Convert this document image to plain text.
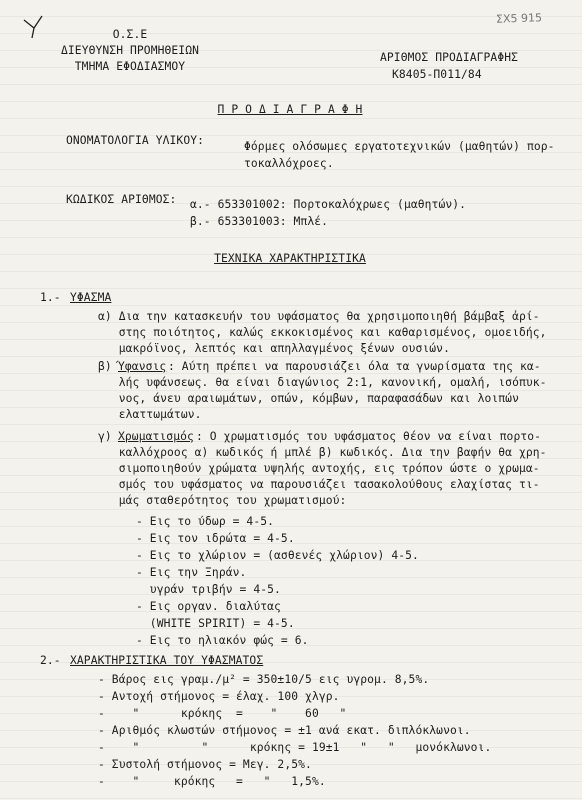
ΣΧ5 915
Ο.Σ.Ε
ΔΙΕΥΘΥΝΣΗ ΠΡΟΜΗΘΕΙΩΝ
ΤΜΗΜΑ ΕΦΟΔΙΑΣΜΟΥ
ΑΡΙΘΜΟΣ ΠΡΟΔΙΑΓΡΑΦΗΣ
Κ8405-Π011/84
Π Ρ Ο Δ Ι Α Γ Ρ Α Φ Η
ΟΝΟΜΑΤΟΛΟΓΙΑ ΥΛΙΚΟΥ:	Φόρμες ολόσωμες εργατοτεχνικών (μαθητών) πορ-
τοκαλλόχροες.
ΚΩΔΙΚΟΣ ΑΡΙΘΜΟΣ: α.- 653301002: Πορτοκαλόχρωες (μαθητών).
β.- 653301003: Μπλέ.
ΤΕΧΝΙΚΑ ΧΑΡΑΚΤΗΡΙΣΤΙΚΑ
1.- ΥΦΑΣΜΑ
α) Δια την κατασκευήν του υφάσματος θα χρησιμοποιηθή βάμβαξ ἀρί-
στης ποιότητος, καλώς εκκοκισμένος και καθαρισμένος, ομοειδής,
μακρόϊνος, λεπτός και απηλλαγμένος ξένων ουσιών.
β) Ύφανσις : Αύτη πρέπει να παρουσιάζει όλα τα γνωρίσματα της κα-
λής υφάνσεως. θα είναι διαγώνιος 2:1, κανονική, ομαλή, ισόπυκ-
νος, άνευ αραιωμάτων, οπών, κόμβων, παραφασάδων και λοιπών
ελαττωμάτων.
γ) Χρωματισμός : Ο χρωματισμός του υφάσματος θέον να είναι πορτο-
καλλόχροος α) κωδικός ή μπλέ β) κωδικός. Δια την βαφήν θα χρη-
σιμοποιηθούν χρώματα υψηλής αντοχής, εις τρόπον ώστε ο χρωμα-
σμός του υφάσματος να παρουσιάζει τασακολούθους ελαχίστας τι-
μάς σταθερότητος του χρωματισμού:
- Εις το ύδωρ = 4-5.
- Εις τον ιδρώτα = 4-5.
- Εις το χλώριον = (ασθενές χλώριον) 4-5.
- Εις την Ξηράν.
υγράν τριβήν = 4-5.
- Εις οργαν. διαλύτας
(WHITE SPIRIT) = 4-5.
- Εις το ηλιακόν φώς = 6.
2.- ΧΑΡΑΚΤΗΡΙΣΤΙΚΑ ΤΟΥ ΥΦΑΣΜΑΤΟΣ
- Βάρος εις γραμ./μ² = 350±10/5 εις υγρομ. 8,5%.
- Αντοχή στήμονος = έλαχ. 100 χλγρ.
-    "      κρόκης  =    "    60   "
- Αριθμός κλωστών στήμονος = ±1 ανά εκατ. διπλόκλωνοι.
-    "         "      κρόκης = 19±1   "   "   μονόκλωνοι.
- Συστολή στήμονος = Μεγ. 2,5%.
-    "     κρόκης   =   "   1,5%.
